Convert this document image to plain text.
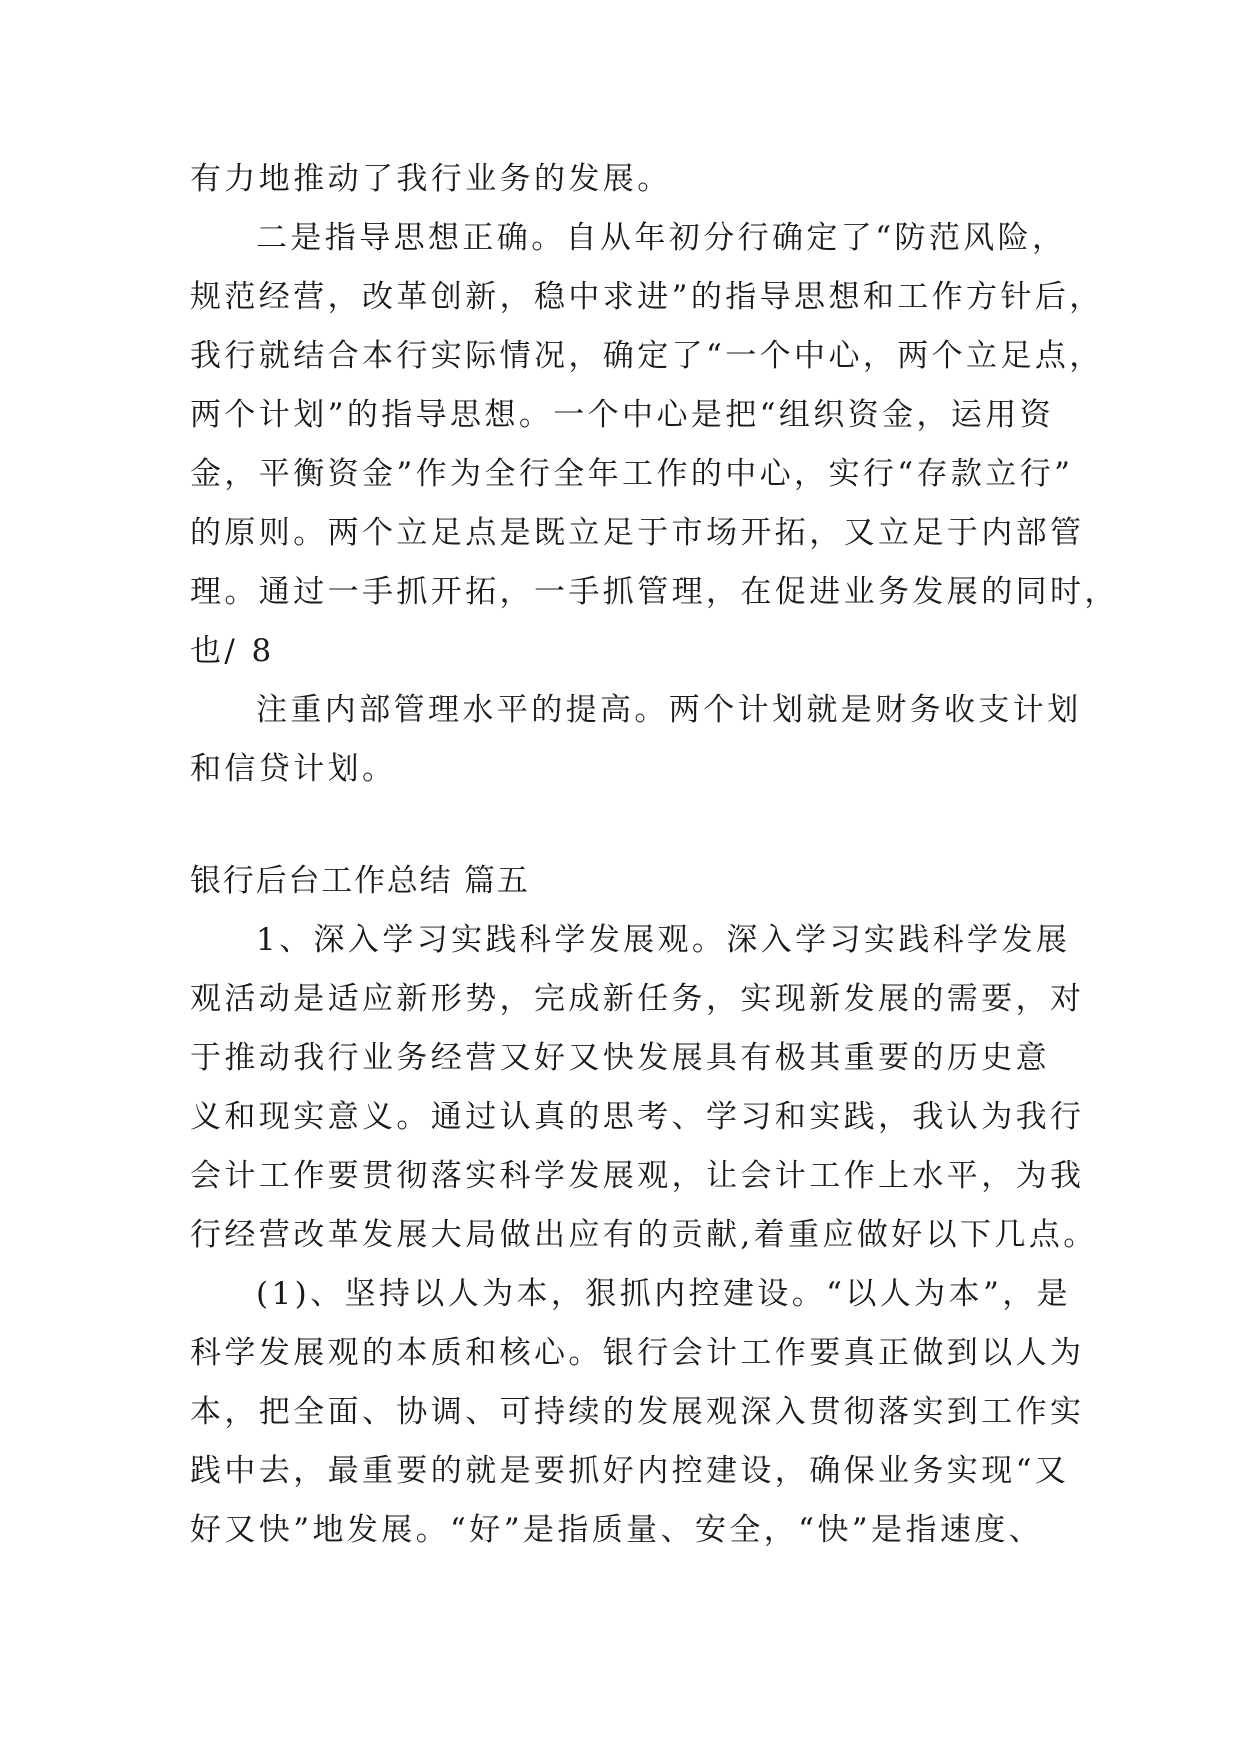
有力地推动了我行业务的发展。
二是指导思想正确。自从年初分行确定了“防范风险，
规范经营，改革创新，稳中求进”的指导思想和工作方针后，
我行就结合本行实际情况，确定了“一个中心，两个立足点，
两个计划”的指导思想。一个中心是把“组织资金，运用资
金，平衡资金”作为全行全年工作的中心，实行“存款立行”
的原则。两个立足点是既立足于市场开拓，又立足于内部管
理。通过一手抓开拓，一手抓管理，在促进业务发展的同时，
也/ 8
注重内部管理水平的提高。两个计划就是财务收支计划
和信贷计划。
银行后台工作总结 篇五
1、深入学习实践科学发展观。深入学习实践科学发展
观活动是适应新形势，完成新任务，实现新发展的需要，对
于推动我行业务经营又好又快发展具有极其重要的历史意
义和现实意义。通过认真的思考、学习和实践，我认为我行
会计工作要贯彻落实科学发展观，让会计工作上水平，为我
行经营改革发展大局做出应有的贡献,着重应做好以下几点。
(1)、坚持以人为本，狠抓内控建设。“以人为本”，是
科学发展观的本质和核心。银行会计工作要真正做到以人为
本，把全面、协调、可持续的发展观深入贯彻落实到工作实
践中去，最重要的就是要抓好内控建设，确保业务实现“又
好又快”地发展。“好”是指质量、安全，“快”是指速度、
